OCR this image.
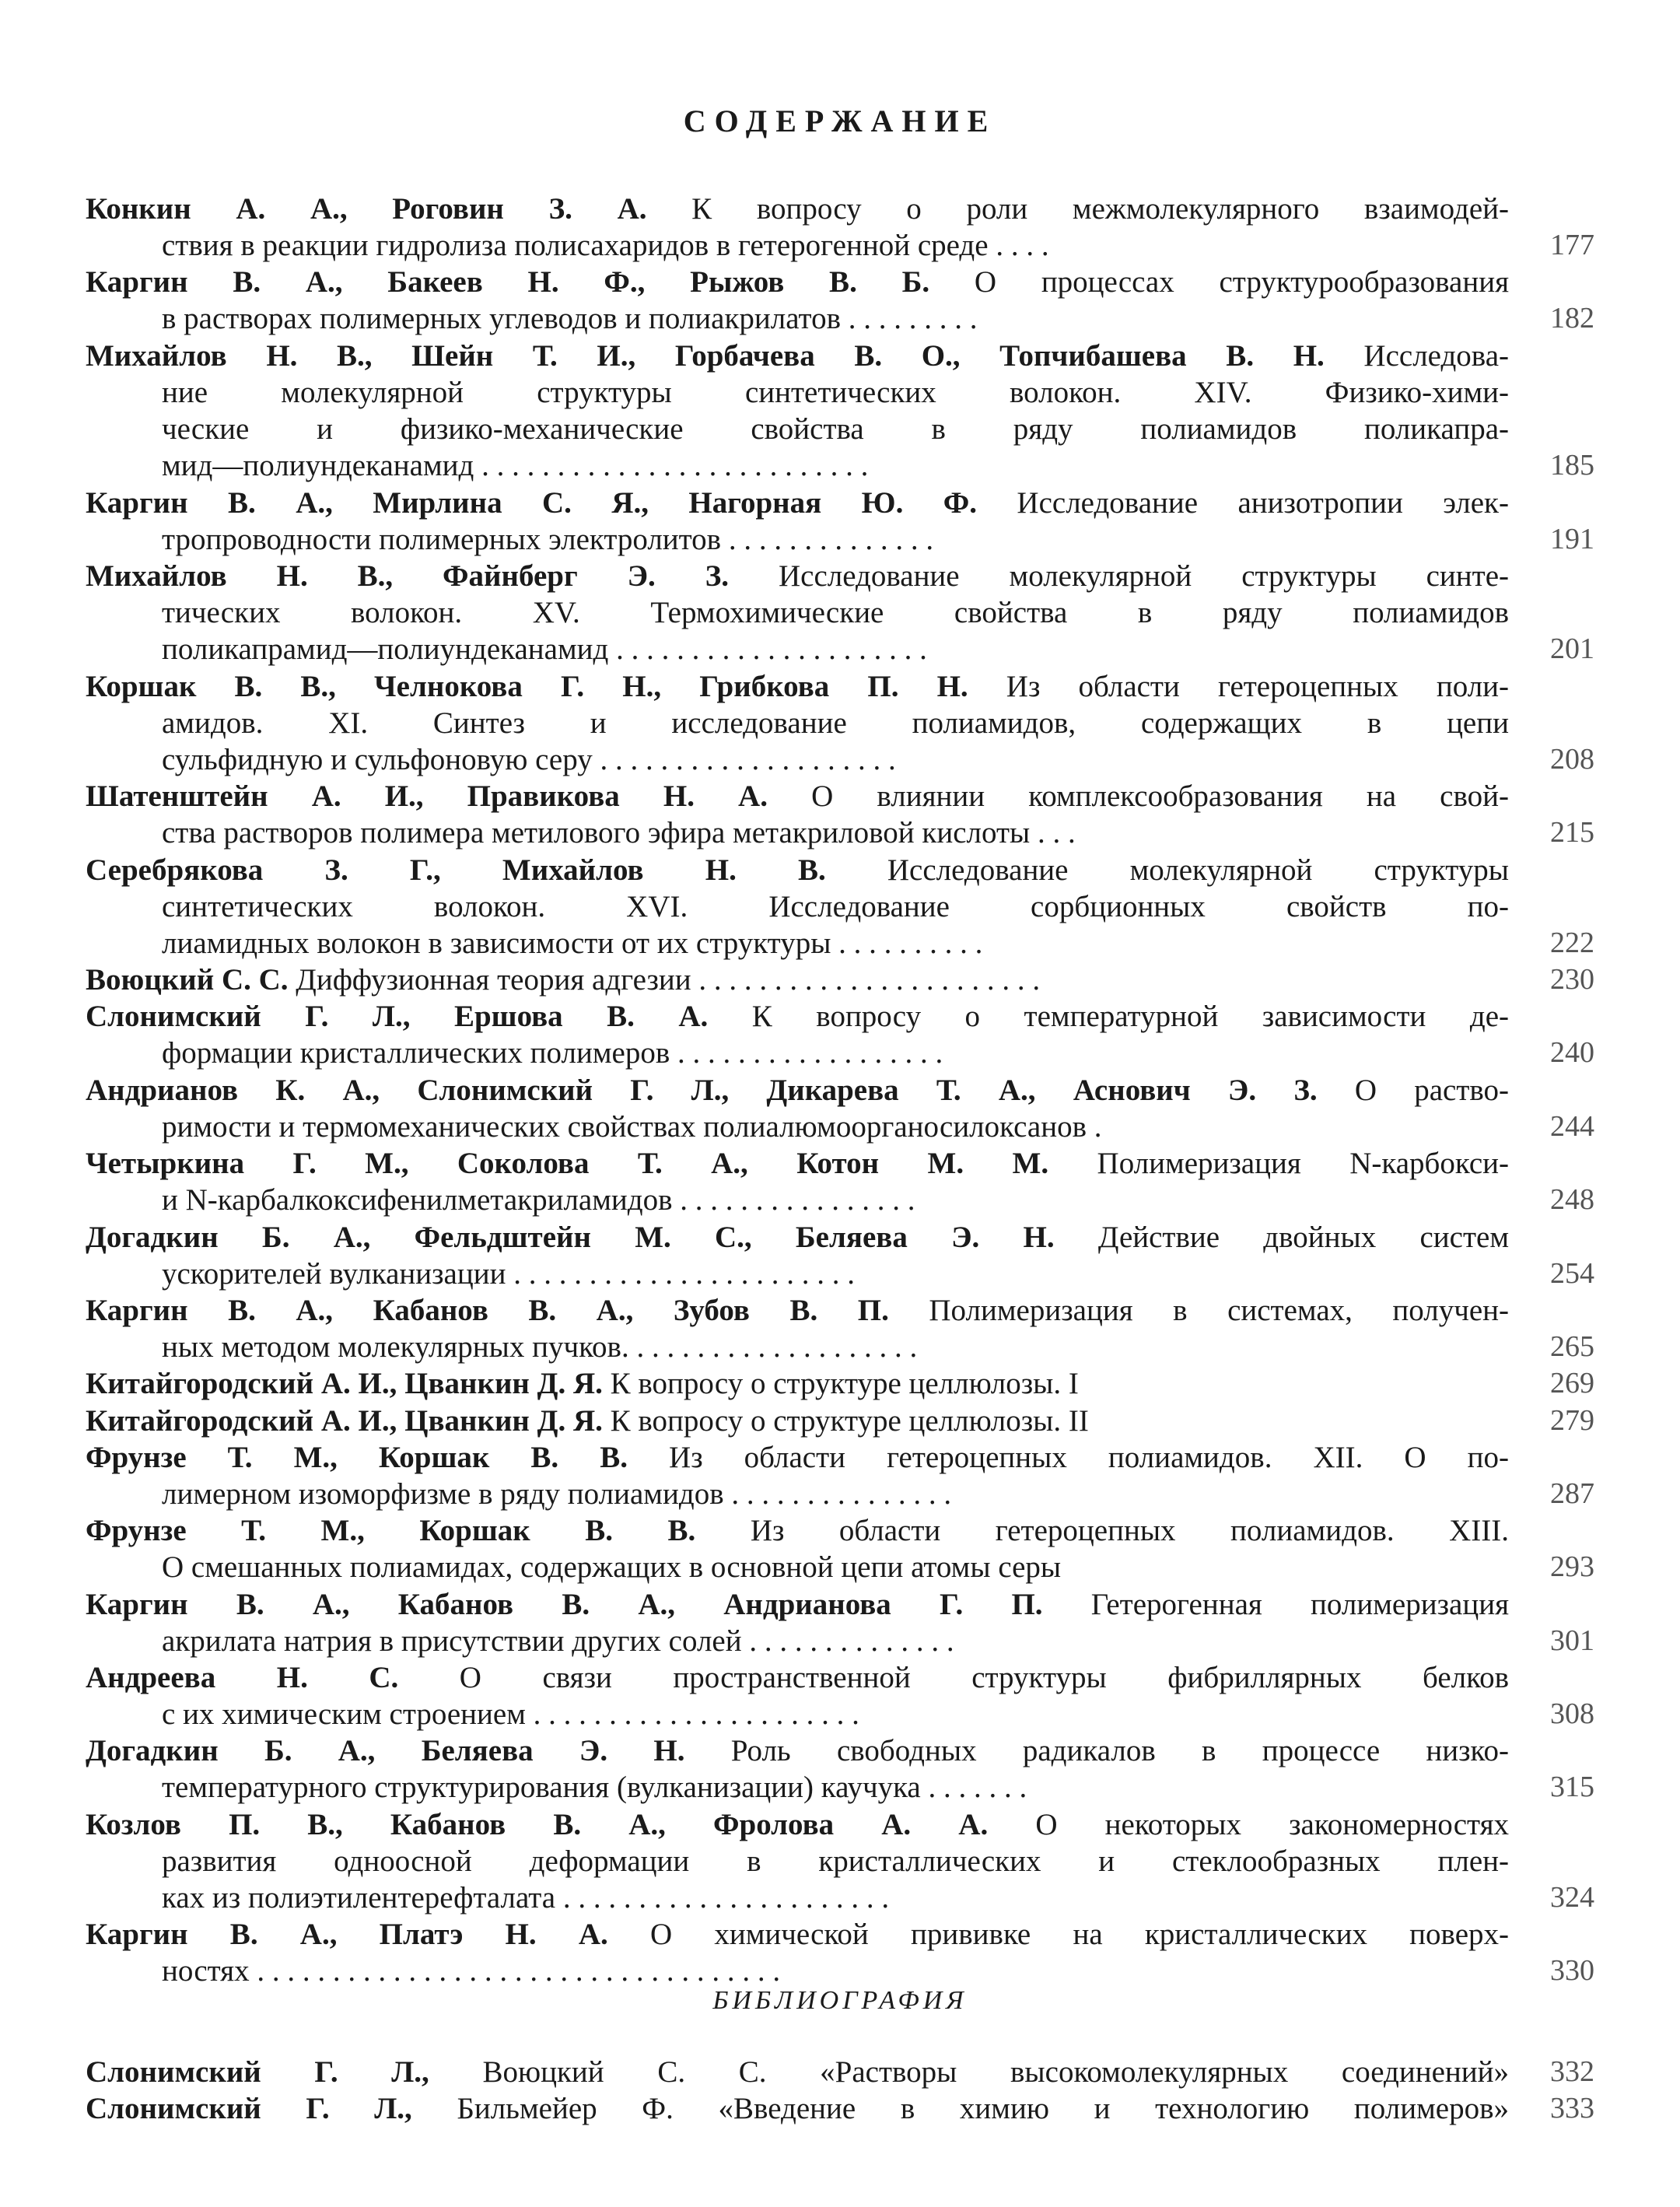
СОДЕРЖАНИЕ
Конкин А. А., Роговин З. А. К вопросу о роли межмолекулярного взаимодей-
ствия в реакции гидролиза полисахаридов в гетерогенной среде . . . .	177
Каргин В. А., Бакеев Н. Ф., Рыжов В. Б. О процессах структурообразования
в растворах полимерных углеводов и полиакрилатов . . . . . . . . .	182
Михайлов Н. В., Шейн Т. И., Горбачева В. О., Топчибашева В. Н. Исследова-
ние молекулярной структуры синтетических волокон. XIV. Физико-хими-
ческие и физико-механические свойства в ряду полиамидов поликапра-
мид—полиундеканамид . . . . . . . . . . . . . . . . . . . . . . . . . .	185
Каргин В. А., Мирлина С. Я., Нагорная Ю. Ф. Исследование анизотропии элек-
тропроводности полимерных электролитов . . . . . . . . . . . . . .	191
Михайлов Н. В., Файнберг Э. З. Исследование молекулярной структуры синте-
тических волокон. XV. Термохимические свойства в ряду полиамидов
поликапрамид—полиундеканамид . . . . . . . . . . . . . . . . . . . . .	201
Коршак В. В., Челнокова Г. Н., Грибкова П. Н. Из области гетероцепных поли-
амидов. XI. Синтез и исследование полиамидов, содержащих в цепи
сульфидную и сульфоновую серу . . . . . . . . . . . . . . . . . . . .	208
Шатенштейн А. И., Правикова Н. А. О влиянии комплексообразования на свой-
ства растворов полимера метилового эфира метакриловой кислоты . . .	215
Серебрякова З. Г., Михайлов Н. В. Исследование молекулярной структуры
синтетических волокон. XVI. Исследование сорбционных свойств по-
лиамидных волокон в зависимости от их структуры . . . . . . . . . .	222
Воюцкий С. С. Диффузионная теория адгезии . . . . . . . . . . . . . . . . . . . . . . .	230
Слонимский Г. Л., Ершова В. А. К вопросу о температурной зависимости де-
формации кристаллических полимеров . . . . . . . . . . . . . . . . . .	240
Андрианов К. А., Слонимский Г. Л., Дикарева Т. А., Аснович Э. З. О раство-
римости и термомеханических свойствах полиалюмоорганосилоксанов .	244
Четыркина Г. М., Соколова Т. А., Котон М. М. Полимеризация N-карбокси-
и N-карбалкоксифенилметакриламидов . . . . . . . . . . . . . . . .	248
Догадкин Б. А., Фельдштейн М. С., Беляева Э. Н. Действие двойных систем
ускорителей вулканизации . . . . . . . . . . . . . . . . . . . . . . .	254
Каргин В. А., Кабанов В. А., Зубов В. П. Полимеризация в системах, получен-
ных методом молекулярных пучков. . . . . . . . . . . . . . . . . . . .	265
Китайгородский А. И., Цванкин Д. Я. К вопросу о структуре целлюлозы. I	269
Китайгородский А. И., Цванкин Д. Я. К вопросу о структуре целлюлозы. II	279
Фрунзе Т. М., Коршак В. В. Из области гетероцепных полиамидов. XII. О по-
лимерном изоморфизме в ряду полиамидов . . . . . . . . . . . . . . .	287
Фрунзе Т. М., Коршак В. В. Из области гетероцепных полиамидов. XIII.
О смешанных полиамидах, содержащих в основной цепи атомы серы	293
Каргин В. А., Кабанов В. А., Андрианова Г. П. Гетерогенная полимеризация
акрилата натрия в присутствии других солей . . . . . . . . . . . . . .	301
Андреева Н. С. О связи пространственной структуры фибриллярных белков
с их химическим строением . . . . . . . . . . . . . . . . . . . . . .	308
Догадкин Б. А., Беляева Э. Н. Роль свободных радикалов в процессе низко-
температурного структурирования (вулканизации) каучука . . . . . . .	315
Козлов П. В., Кабанов В. А., Фролова А. А. О некоторых закономерностях
развития одноосной деформации в кристаллических и стеклообразных плен-
ках из полиэтилентерефталата . . . . . . . . . . . . . . . . . . . . . .	324
Каргин В. А., Платэ Н. А. О химической прививке на кристаллических поверх-
ностях . . . . . . . . . . . . . . . . . . . . . . . . . . . . . . . . . . .	330
БИБЛИОГРАФИЯ
Слонимский Г. Л., Воюцкий С. С. «Растворы высокомолекулярных соединений»	332
Слонимский Г. Л., Бильмейер Ф. «Введение в химию и технологию полимеров»	333
